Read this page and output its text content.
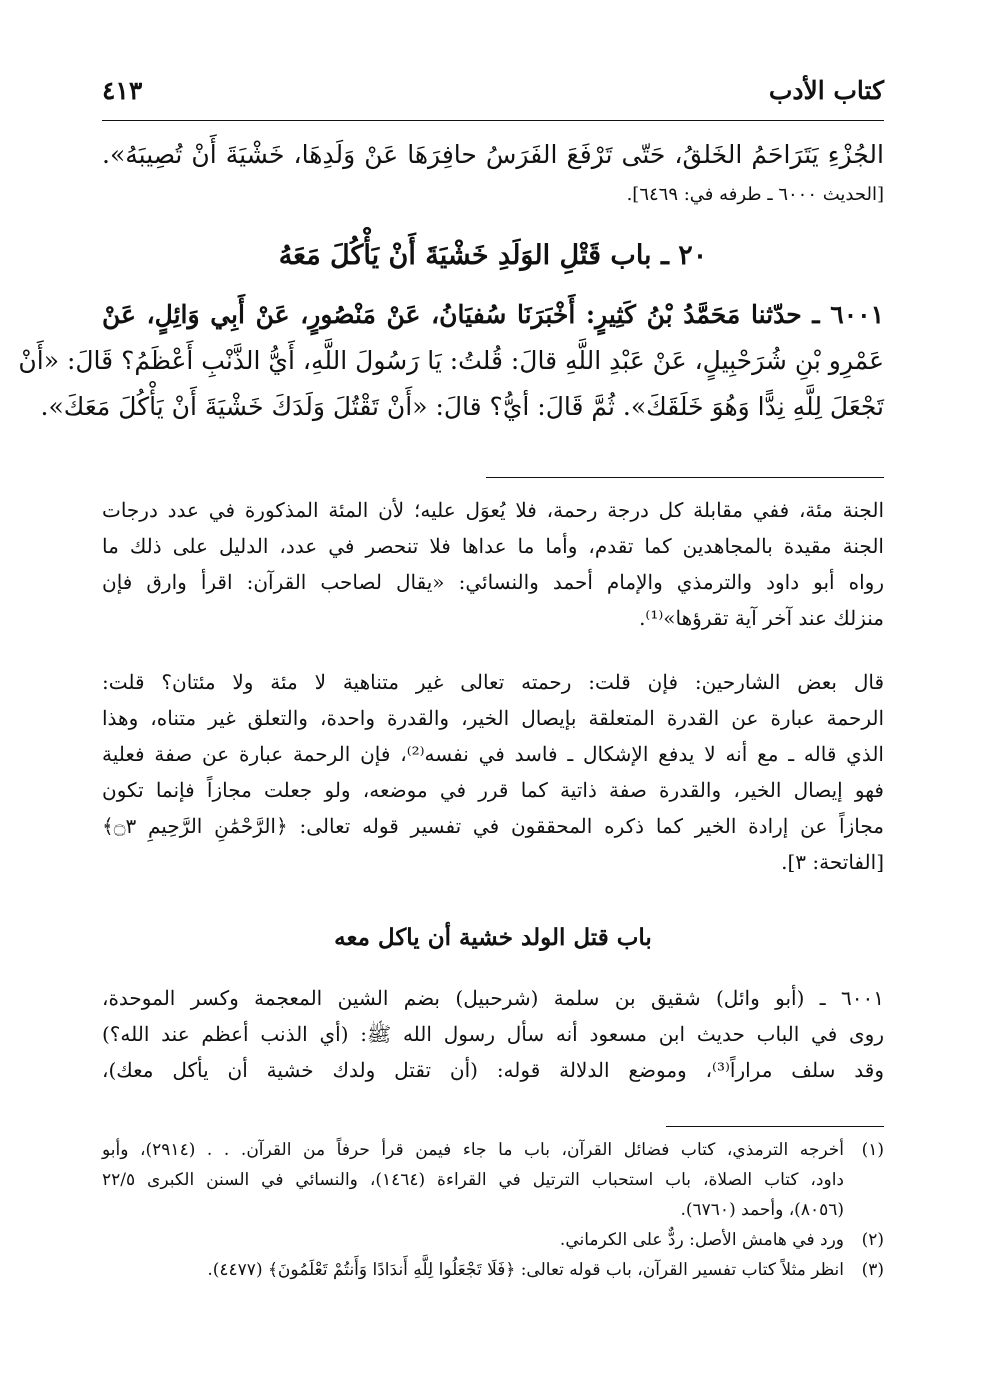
كتاب الأدب
٤١٣
الجُزْءِ يَتَرَاحَمُ الخَلقُ، حَتّى تَرْفَعَ الفَرَسُ حافِرَهَا عَنْ وَلَدِهَا، خَشْيَةَ أَنْ تُصِيبَهُ».
[الحديث ٦٠٠٠ ـ طرفه في: ٦٤٦٩].
٢٠ ـ باب قَتْلِ الوَلَدِ خَشْيَةَ أَنْ يَأْكُلَ مَعَهُ
٦٠٠١ ـ حدّثنا مَحَمَّدُ بْنُ كَثِيرٍ: أَخْبَرَنَا سُفيَانُ، عَنْ مَنْصُورٍ، عَنْ أَبِي وَائِلٍ، عَنْ
عَمْرِو بْنِ شُرَحْبِيلٍ، عَنْ عَبْدِ اللَّهِ قالَ: قُلتُ: يَا رَسُولَ اللَّهِ، أَيُّ الذَّنْبِ أَعْظَمُ؟ قَالَ: «أَنْ
تَجْعَلَ لِلَّهِ نِدًّا وَهُوَ خَلَقَكَ». ثُمَّ قَالَ: أيُّ؟ قالَ: «أَنْ تَقْتُلَ وَلَدَكَ خَشْيَةَ أَنْ يَأْكُلَ مَعَكَ».
الجنة مئة، ففي مقابلة كل درجة رحمة، فلا يُعوَل عليه؛ لأن المئة المذكورة في عدد درجات
الجنة مقيدة بالمجاهدين كما تقدم، وأما ما عداها فلا تنحصر في عدد، الدليل على ذلك ما
رواه أبو داود والترمذي والإمام أحمد والنسائي: «يقال لصاحب القرآن: اقرأ وارق فإن
منزلك عند آخر آية تقرؤها»⁽¹⁾.
قال بعض الشارحين: فإن قلت: رحمته تعالى غير متناهية لا مئة ولا مئتان؟ قلت:
الرحمة عبارة عن القدرة المتعلقة بإيصال الخير، والقدرة واحدة، والتعلق غير متناه، وهذا
الذي قاله ـ مع أنه لا يدفع الإشكال ـ فاسد في نفسه⁽²⁾، فإن الرحمة عبارة عن صفة فعلية
فهو إيصال الخير، والقدرة صفة ذاتية كما قرر في موضعه، ولو جعلت مجازاً فإنما تكون
مجازاً عن إرادة الخير كما ذكره المحققون في تفسير قوله تعالى: ﴿الرَّحْمَٰنِ الرَّحِيمِ ۝٣﴾
[الفاتحة: ٣].
باب قتل الولد خشية أن ياكل معه
٦٠٠١ ـ (أبو وائل) شقيق بن سلمة (شرحبيل) بضم الشين المعجمة وكسر الموحدة،
روى في الباب حديث ابن مسعود أنه سأل رسول الله ﷺ: (أي الذنب أعظم عند الله؟)
وقد سلف مراراً⁽³⁾، وموضع الدلالة قوله: (أن تقتل ولدك خشية أن يأكل معك)،
(١)
أخرجه الترمذي، كتاب فضائل القرآن، باب ما جاء فيمن قرأ حرفاً من القرآن. . . (٢٩١٤)، وأبو
داود، كتاب الصلاة، باب استحباب الترتيل في القراءة (١٤٦٤)، والنسائي في السنن الكبرى ٢٢/٥
(٨٠٥٦)، وأحمد (٦٧٦٠).
(٢)
ورد في هامش الأصل: ردٌّ على الكرماني.
(٣)
انظر مثلاً كتاب تفسير القرآن، باب قوله تعالى: ﴿فَلَا تَجْعَلُوا لِلَّهِ أَندَادًا وَأَنتُمْ تَعْلَمُونَ﴾ (٤٤٧٧).
